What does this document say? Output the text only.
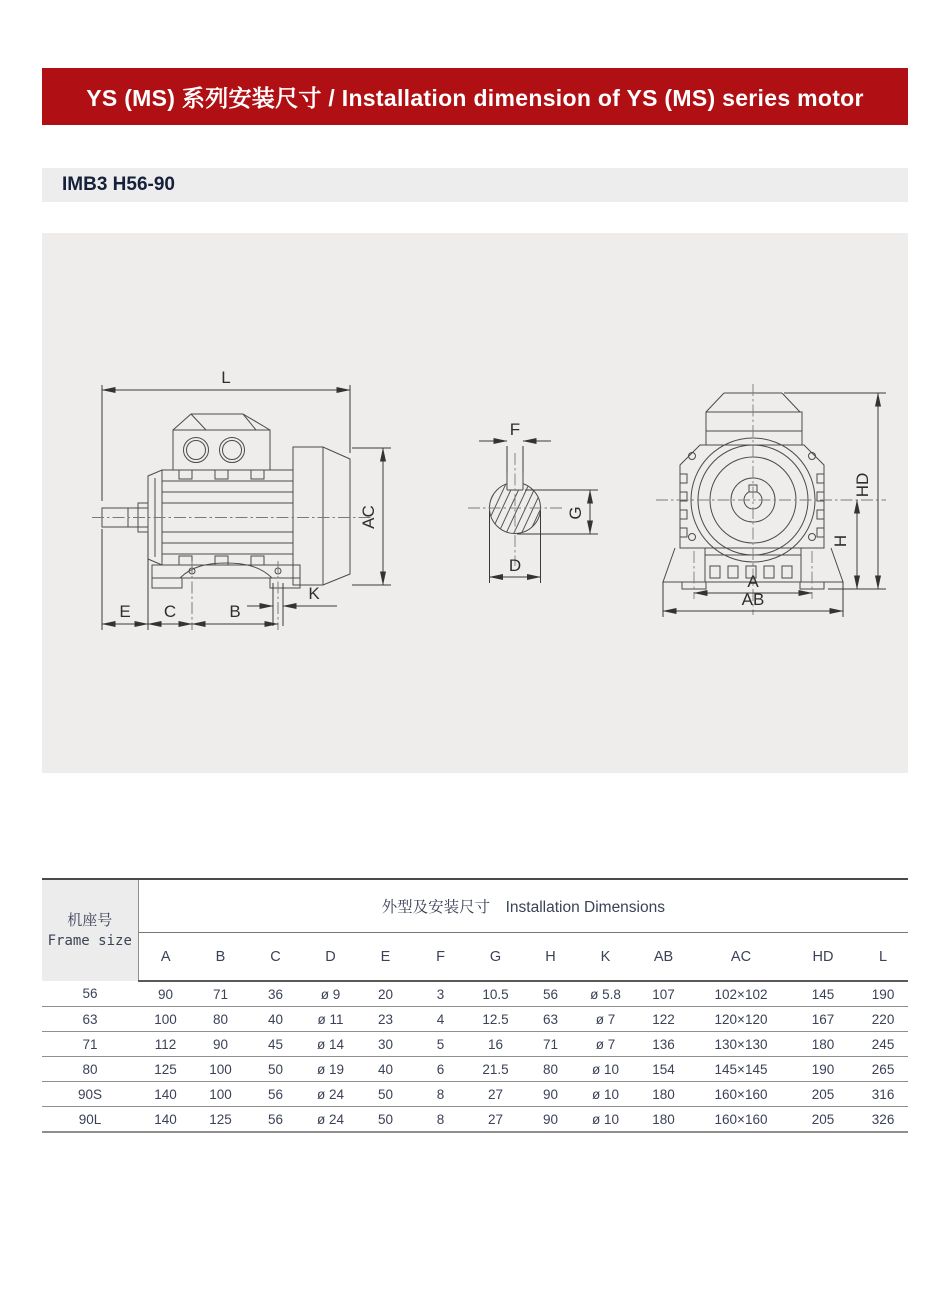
YS (MS) 系列安装尺寸 / Installation dimension of YS (MS) series motor
IMB3 H56-90
L
AC
E C	B
K
F
G
D
A
AB
HD
H
机座号
Frame size	外型及安装尺寸　Installation Dimensions												
	A	B	C	D	E	F	G	H	K	AB	AC	HD	L
56	90	71	36	ø 9	20	3	10.5	56	ø 5.8	107	102×102	145	190
63	100	80	40	ø 11	23	4	12.5	63	ø 7	122	120×120	167	220
71	112	90	45	ø 14	30	5	16	71	ø 7	136	130×130	180	245
80	125	100	50	ø 19	40	6	21.5	80	ø 10	154	145×145	190	265
90S	140	100	56	ø 24	50	8	27	90	ø 10	180	160×160	205	316
90L	140	125	56	ø 24	50	8	27	90	ø 10	180	160×160	205	326
